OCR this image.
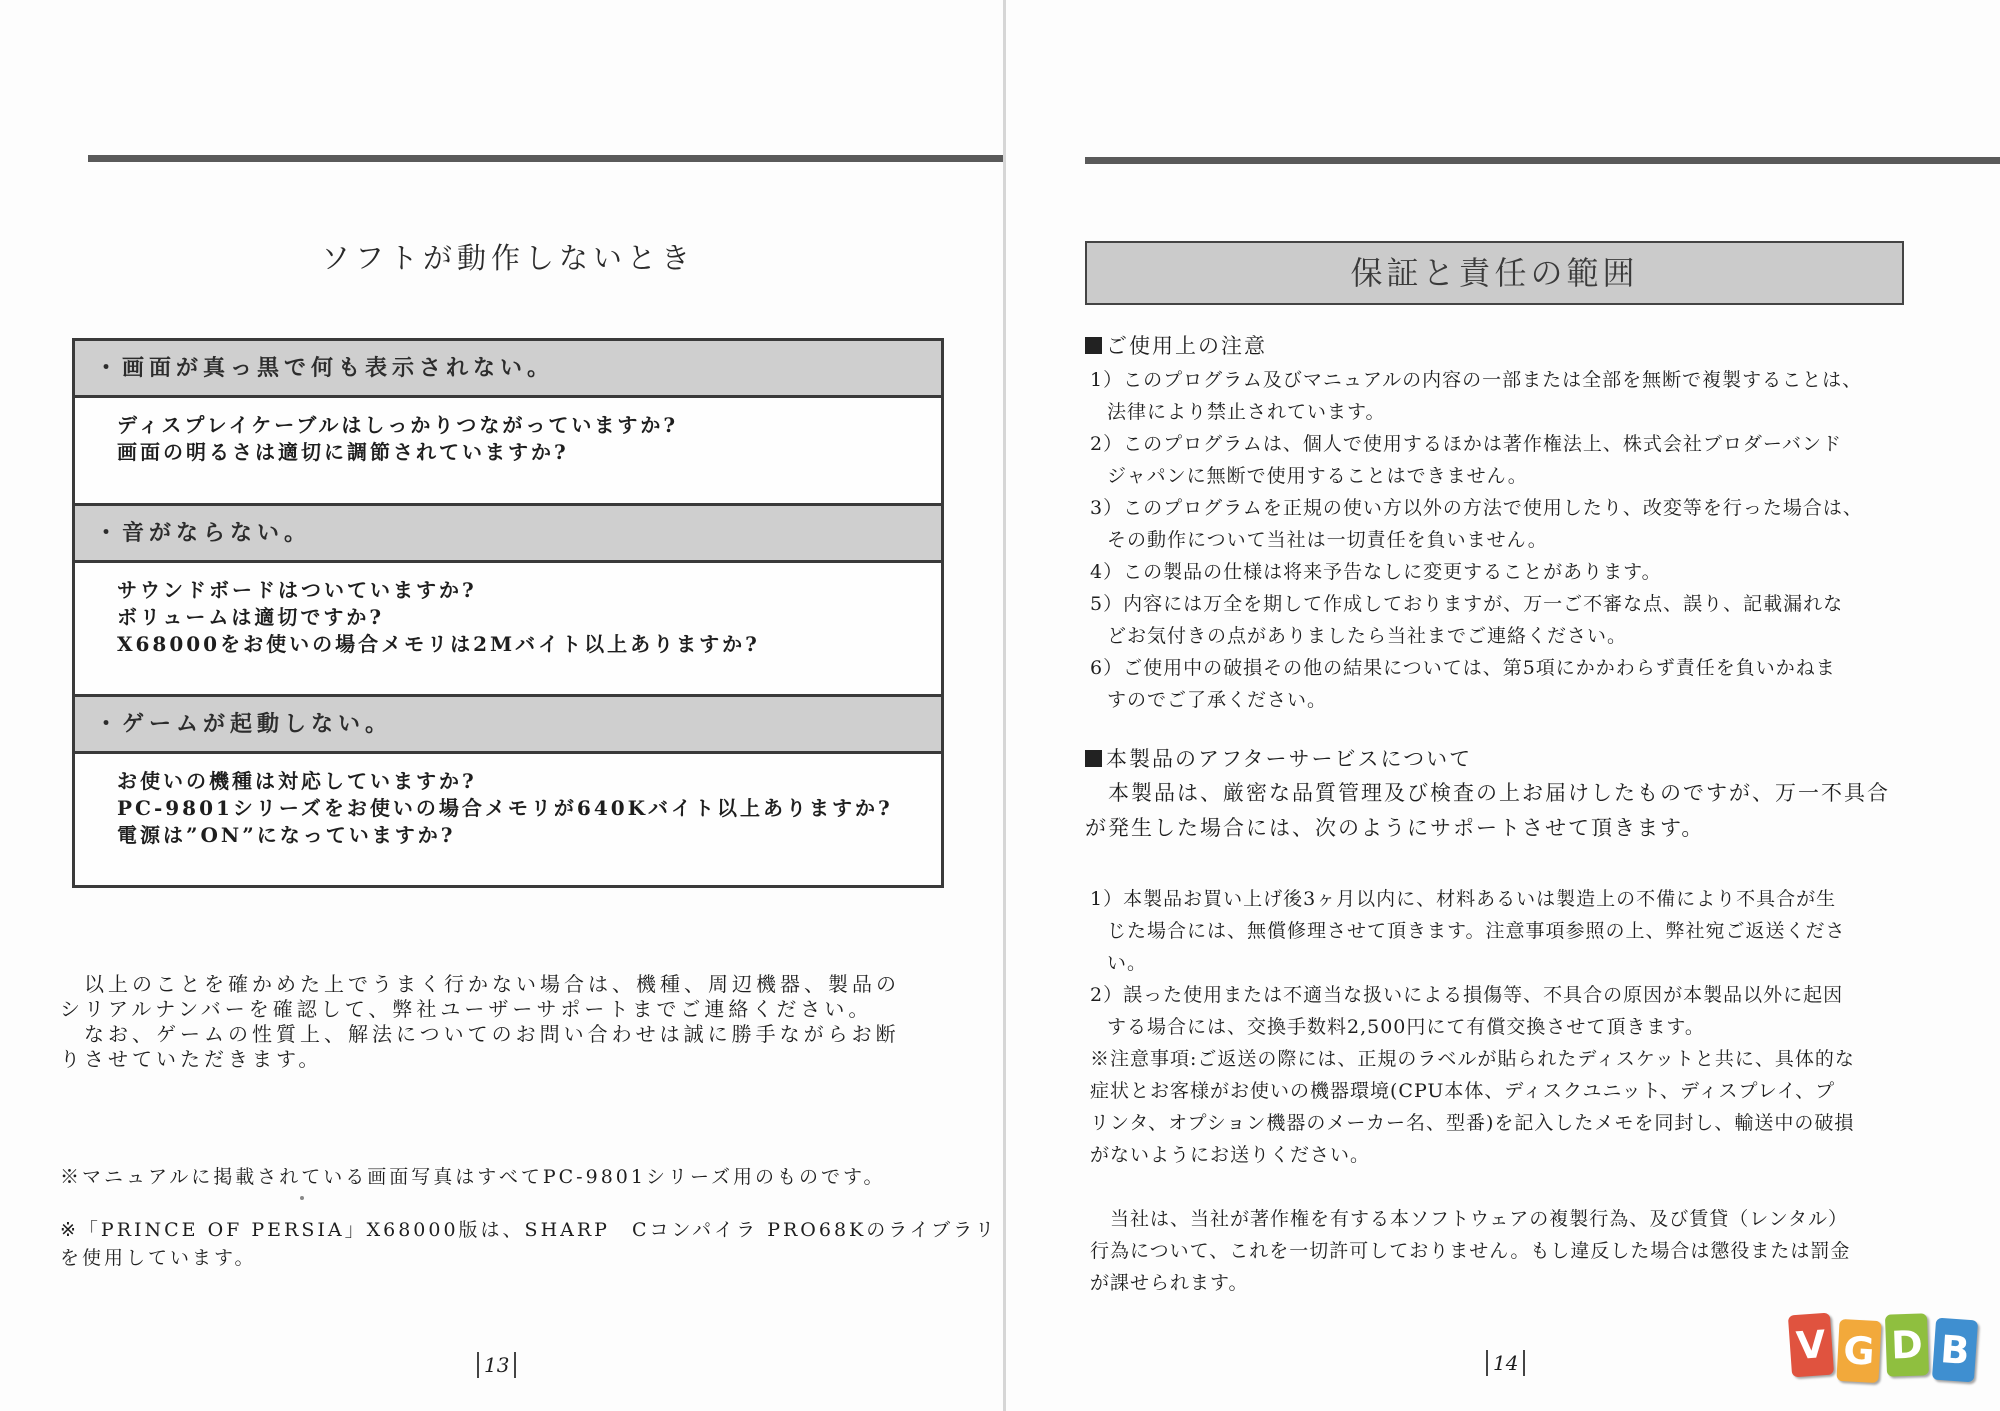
ソフトが動作しないとき
・画面が真っ黒で何も表示されない。
ディスプレイケーブルはしっかりつながっていますか?
画面の明るさは適切に調節されていますか?
・音がならない。
サウンドボードはついていますか?
ボリュームは適切ですか?
X68000をお使いの場合メモリは2Mバイト以上ありますか?
・ゲームが起動しない。
お使いの機種は対応していますか?
PC-9801シリーズをお使いの場合メモリが640Kバイト以上ありますか?
電源は”ON”になっていますか?
　以上のことを確かめた上でうまく行かない場合は、機種、周辺機器、製品の
シリアルナンバーを確認して、弊社ユーザーサポートまでご連絡ください。
　なお、ゲームの性質上、解法についてのお問い合わせは誠に勝手ながらお断
りさせていただきます。
※マニュアルに掲載されている画面写真はすべてPC-9801シリーズ用のものです。
※「PRINCE OF PERSIA」X68000版は、SHARP　Cコンパイラ PRO68Kのライブラリ
を使用しています。
13
保証と責任の範囲
ご使用上の注意
1）このプログラム及びマニュアルの内容の一部または全部を無断で複製することは、
法律により禁止されています。
2）このプログラムは、個人で使用するほかは著作権法上、株式会社ブロダーバンド
ジャパンに無断で使用することはできません。
3）このプログラムを正規の使い方以外の方法で使用したり、改変等を行った場合は、
その動作について当社は一切責任を負いません。
4）この製品の仕様は将来予告なしに変更することがあります。
5）内容には万全を期して作成しておりますが、万一ご不審な点、誤り、記載漏れな
どお気付きの点がありましたら当社までご連絡ください。
6）ご使用中の破損その他の結果については、第5項にかかわらず責任を負いかねま
すのでご了承ください。
本製品のアフターサービスについて
　本製品は、厳密な品質管理及び検査の上お届けしたものですが、万一不具合
が発生した場合には、次のようにサポートさせて頂きます。
1）本製品お買い上げ後3ヶ月以内に、材料あるいは製造上の不備により不具合が生
じた場合には、無償修理させて頂きます。注意事項参照の上、弊社宛ご返送くださ
い。
2）誤った使用または不適当な扱いによる損傷等、不具合の原因が本製品以外に起因
する場合には、交換手数料2,500円にて有償交換させて頂きます。
※注意事項:ご返送の際には、正規のラベルが貼られたディスケットと共に、具体的な
症状とお客様がお使いの機器環境(CPU本体、ディスクユニット、ディスプレイ、プ
リンタ、オプション機器のメーカー名、型番)を記入したメモを同封し、輸送中の破損
がないようにお送りください。
　当社は、当社が著作権を有する本ソフトウェアの複製行為、及び賃貸（レンタル）
行為について、これを一切許可しておりません。もし違反した場合は懲役または罰金
が課せられます。
14	V G D B
